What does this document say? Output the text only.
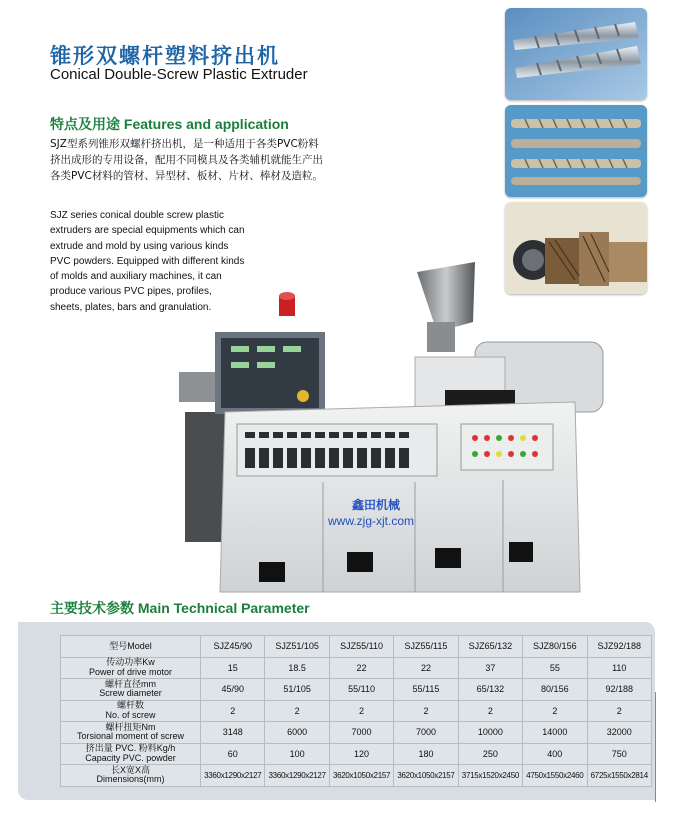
锥形双螺杆塑料挤出机
Conical Double-Screw Plastic Extruder
特点及用途 Features and application
SJZ型系列锥形双螺杆挤出机，是一种适用于各类PVC粉料挤出成形的专用设备，配用不同模具及各类辅机就能生产出各类PVC材料的管材、异型材、板材、片材、棒材及造粒。
SJZ series conical double screw plastic extruders are special equipments which can extrude and mold by using various kinds PVC powders. Equipped with different kinds of molds and auxiliary machines, it can produce various PVC pipes, profiles, sheets, plates, bars and granulation.
鑫田机械
www.zjg-xjt.com
主要技术参数 Main Technical Parameter
型号Model	SJZ45/90	SJZ51/105	SJZ55/110	SJZ55/115	SJZ65/132	SJZ80/156	SJZ92/188

传动功率Kw
Power of drive motor	15	18.5	22	22	37	55	110

螺杆直径mm
Screw diameter	45/90	51/105	55/110	55/115	65/132	80/156	92/188

螺杆数
No. of screw	2	2	2	2	2	2	2

螺杆扭矩Nm
Torsional moment of screw	3148	6000	7000	7000	10000	14000	32000

挤出量 PVC. 粉料Kg/h
Capacity PVC. powder	60	100	120	180	250	400	750

长X宽X高
Dimensions(mm)	3360x1290x2127	3360x1290x2127	3620x1050x2157	3620x1050x2157	3715x1520x2450	4750x1550x2460	6725x1550x2814
